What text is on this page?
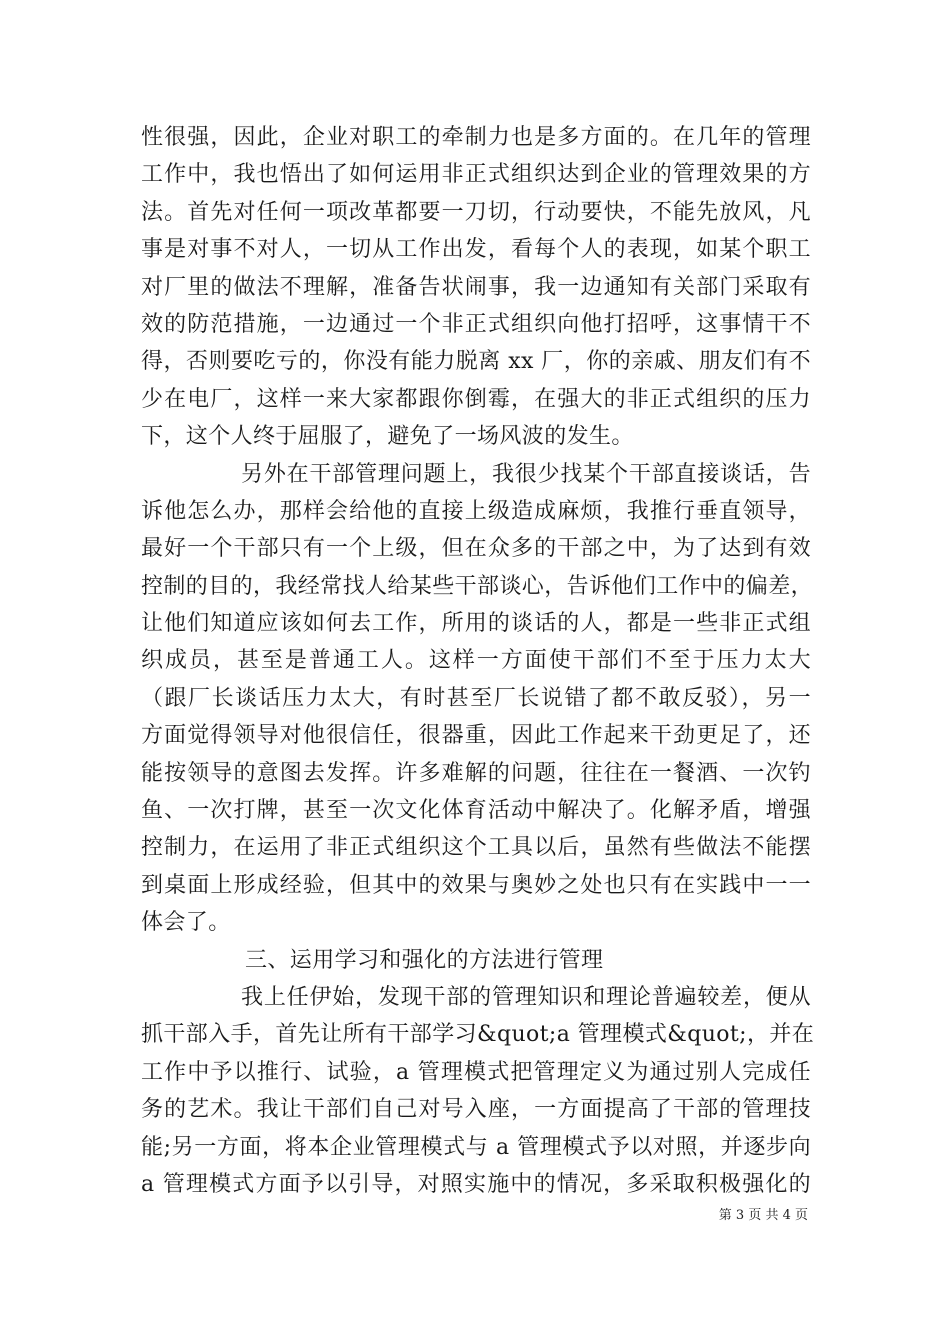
性很强，因此，企业对职工的牵制力也是多方面的。在几年的管理
工作中，我也悟出了如何运用非正式组织达到企业的管理效果的方
法。首先对任何一项改革都要一刀切，行动要快，不能先放风，凡
事是对事不对人，一切从工作出发，看每个人的表现，如某个职工
对厂里的做法不理解，准备告状闹事，我一边通知有关部门采取有
效的防范措施，一边通过一个非正式组织向他打招呼，这事情干不
得，否则要吃亏的，你没有能力脱离 xx 厂，你的亲戚、朋友们有不
少在电厂，这样一来大家都跟你倒霉，在强大的非正式组织的压力
下，这个人终于屈服了，避免了一场风波的发生。
另外在干部管理问题上，我很少找某个干部直接谈话，告
诉他怎么办，那样会给他的直接上级造成麻烦，我推行垂直领导，
最好一个干部只有一个上级，但在众多的干部之中，为了达到有效
控制的目的，我经常找人给某些干部谈心，告诉他们工作中的偏差，
让他们知道应该如何去工作，所用的谈话的人，都是一些非正式组
织成员，甚至是普通工人。这样一方面使干部们不至于压力太大
（跟厂长谈话压力太大，有时甚至厂长说错了都不敢反驳），另一
方面觉得领导对他很信任，很器重，因此工作起来干劲更足了，还
能按领导的意图去发挥。许多难解的问题，往往在一餐酒、一次钓
鱼、一次打牌，甚至一次文化体育活动中解决了。化解矛盾，增强
控制力，在运用了非正式组织这个工具以后，虽然有些做法不能摆
到桌面上形成经验，但其中的效果与奥妙之处也只有在实践中一一
体会了。
三、运用学习和强化的方法进行管理
我上任伊始，发现干部的管理知识和理论普遍较差，便从
抓干部入手，首先让所有干部学习&quot;a 管理模式&quot;，并在
工作中予以推行、试验，a 管理模式把管理定义为通过别人完成任
务的艺术。我让干部们自己对号入座，一方面提高了干部的管理技
能;另一方面，将本企业管理模式与 a 管理模式予以对照，并逐步向
a 管理模式方面予以引导，对照实施中的情况，多采取积极强化的
第 3 页 共 4 页
